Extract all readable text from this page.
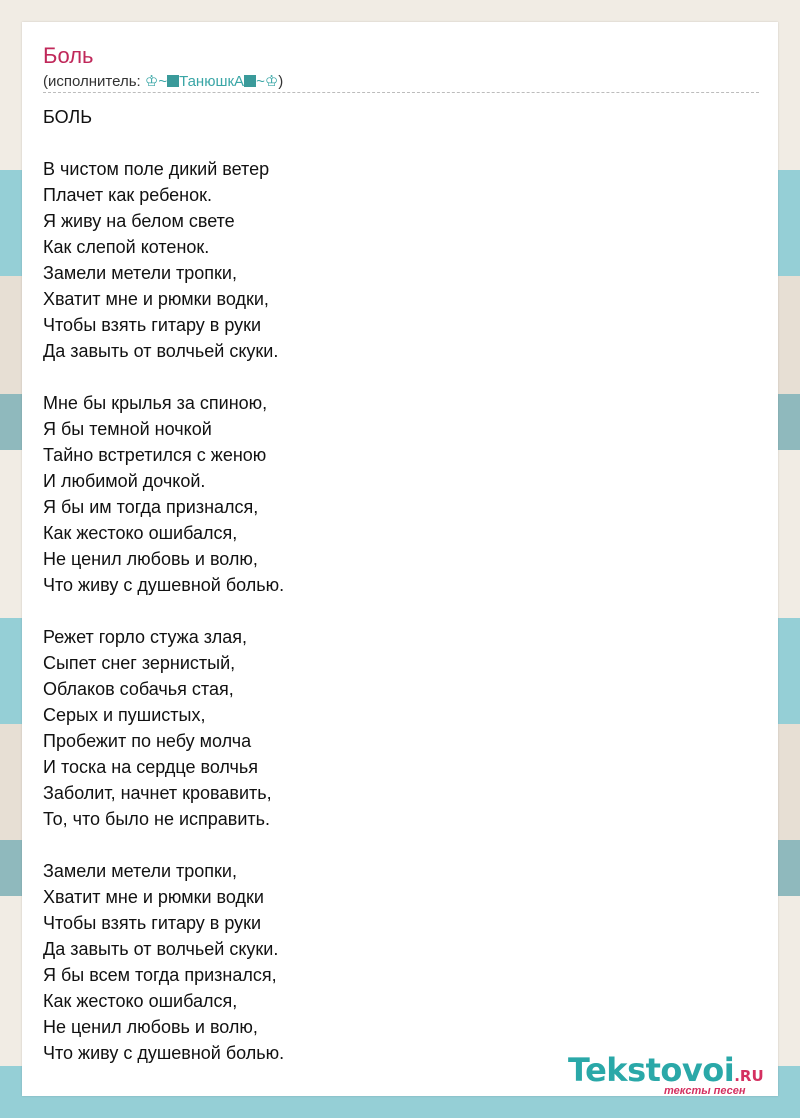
Боль
(исполнитель: ♔~ ТанюшкА ~♔)
БОЛЬ
В чистом поле дикий ветер
Плачет как ребенок.
Я живу на белом свете
Как слепой котенок.
Замели метели тропки,
Хватит мне и рюмки водки,
Чтобы взять гитару в руки
Да завыть от волчьей скуки.
Мне бы крылья за спиною,
Я бы темной ночкой
Тайно встретился с женою
И любимой дочкой.
Я бы им тогда признался,
Как жестоко ошибался,
Не ценил любовь и волю,
Что живу с душевной болью.
Режет горло стужа злая,
Сыпет снег зернистый,
Облаков собачья стая,
Серых и пушистых,
Пробежит по небу молча
И тоска на сердце волчья
Заболит, начнет кровавить,
То, что было не исправить.
Замели метели тропки,
Хватит мне и рюмки водки
Чтобы взять гитару в руки
Да завыть от волчьей скуки.
Я бы всем тогда признался,
Как жестоко ошибался,
Не ценил любовь и волю,
Что живу с душевной болью.	Tekstovoi.RU
тексты песен
